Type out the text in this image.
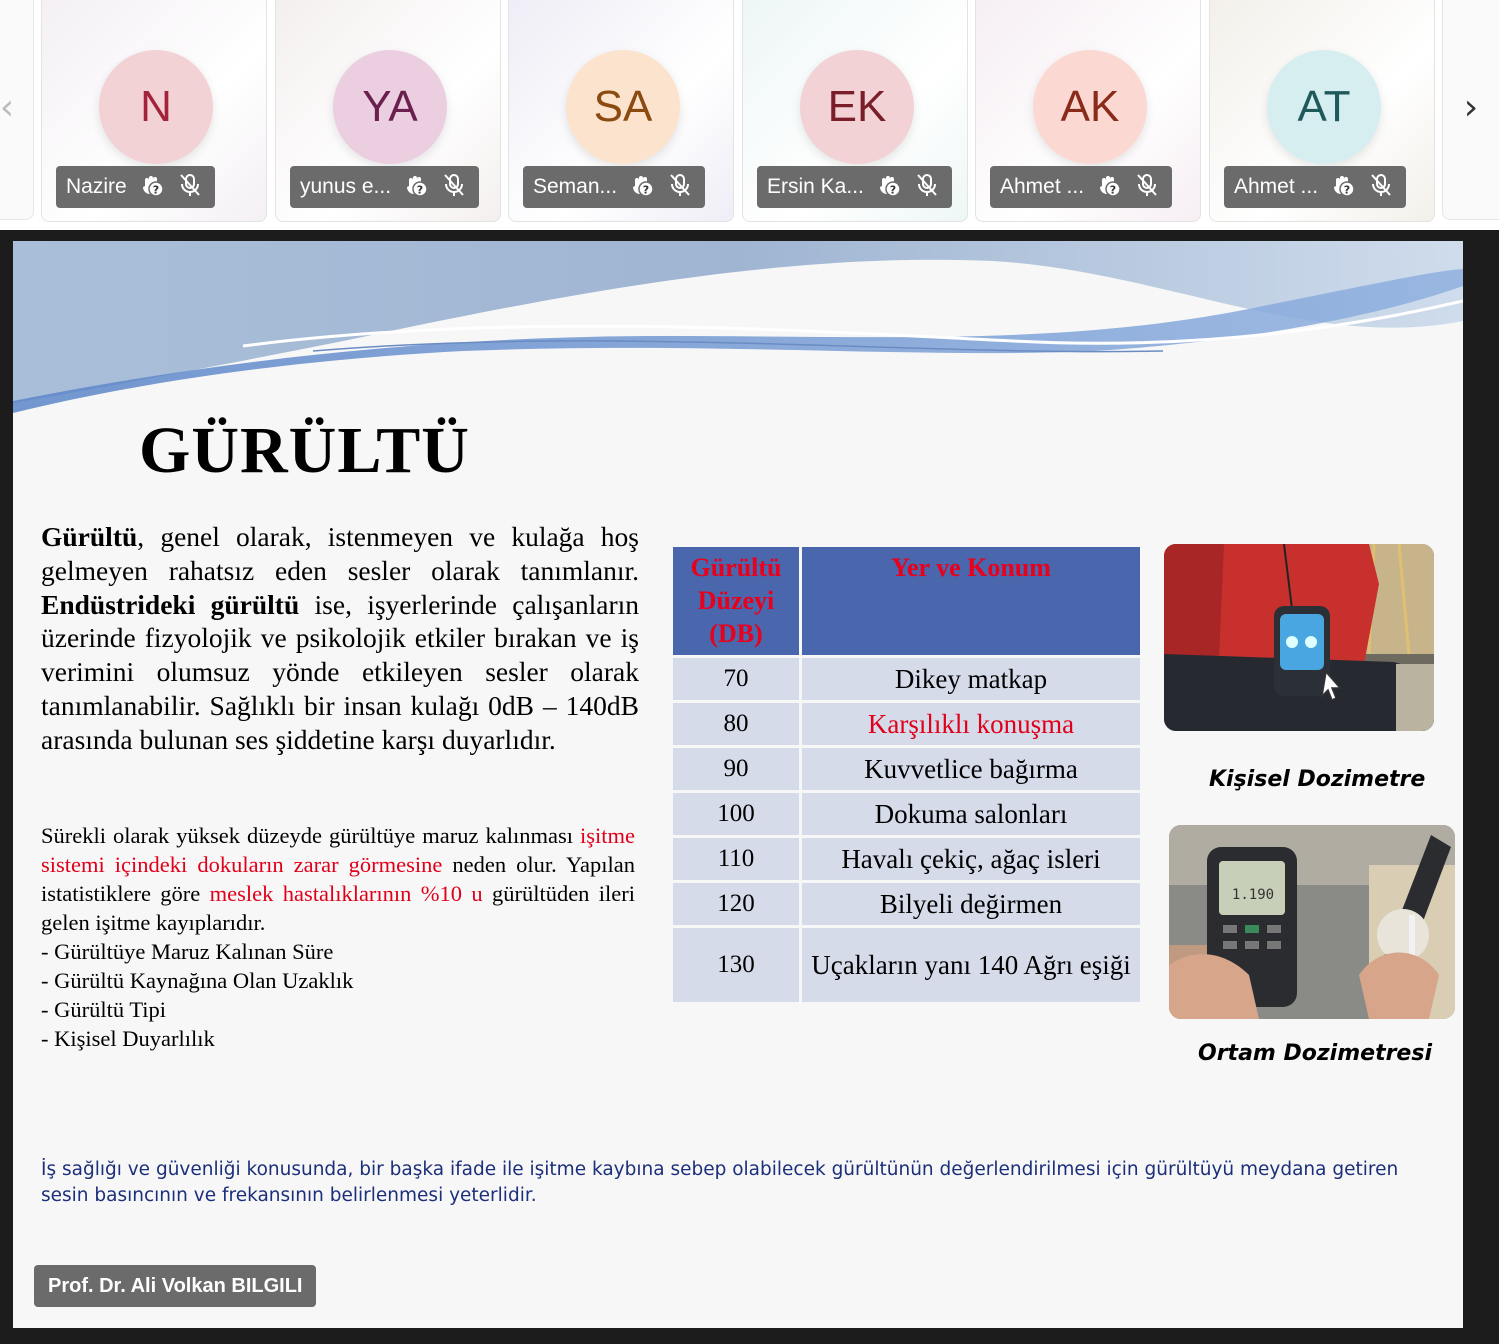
‹	›
N
Nazire ?
YA
yunus e... ?
SA
Seman... ?
EK
Ersin Ka... ?
AK
Ahmet ... ?
AT
Ahmet ... ?
GÜRÜLTÜ
Gürültü, genel olarak, istenmeyen ve kulağa hoş gelmeyen rahatsız eden sesler olarak tanımlanır. Endüstrideki gürültü ise, işyerlerinde çalışanların üzerinde fizyolojik ve psikolojik etkiler bırakan ve iş verimini olumsuz yönde etkileyen sesler olarak tanımlanabilir. Sağlıklı bir insan kulağı 0dB – 140dB arasında bulunan ses şiddetine karşı duyarlıdır.
Sürekli olarak yüksek düzeyde gürültüye maruz kalınması işitme sistemi içindeki dokuların zarar görmesine neden olur. Yapılan istatistiklere göre meslek hastalıklarının %10 u gürültüden ileri gelen işitme kayıplarıdır.
- Gürültüye Maruz Kalınan Süre
- Gürültü Kaynağına Olan Uzaklık
- Gürültü Tipi
- Kişisel Duyarlılık
Gürültü Düzeyi (DB)	Yer ve Konum
70	Dikey matkap
80	Karşılıklı konuşma
90	Kuvvetlice bağırma
100	Dokuma salonları
110	Havalı çekiç, ağaç isleri
120	Bilyeli değirmen
130	Uçakların yanı 140 Ağrı eşiği
Kişisel Dozimetre
1.190
Ortam Dozimetresi
İş sağlığı ve güvenliği konusunda, bir başka ifade ile işitme kaybına sebep olabilecek gürültünün değerlendirilmesi için gürültüyü meydana getiren sesin basıncının ve frekansının belirlenmesi yeterlidir.
Prof. Dr. Ali Volkan BILGILI
